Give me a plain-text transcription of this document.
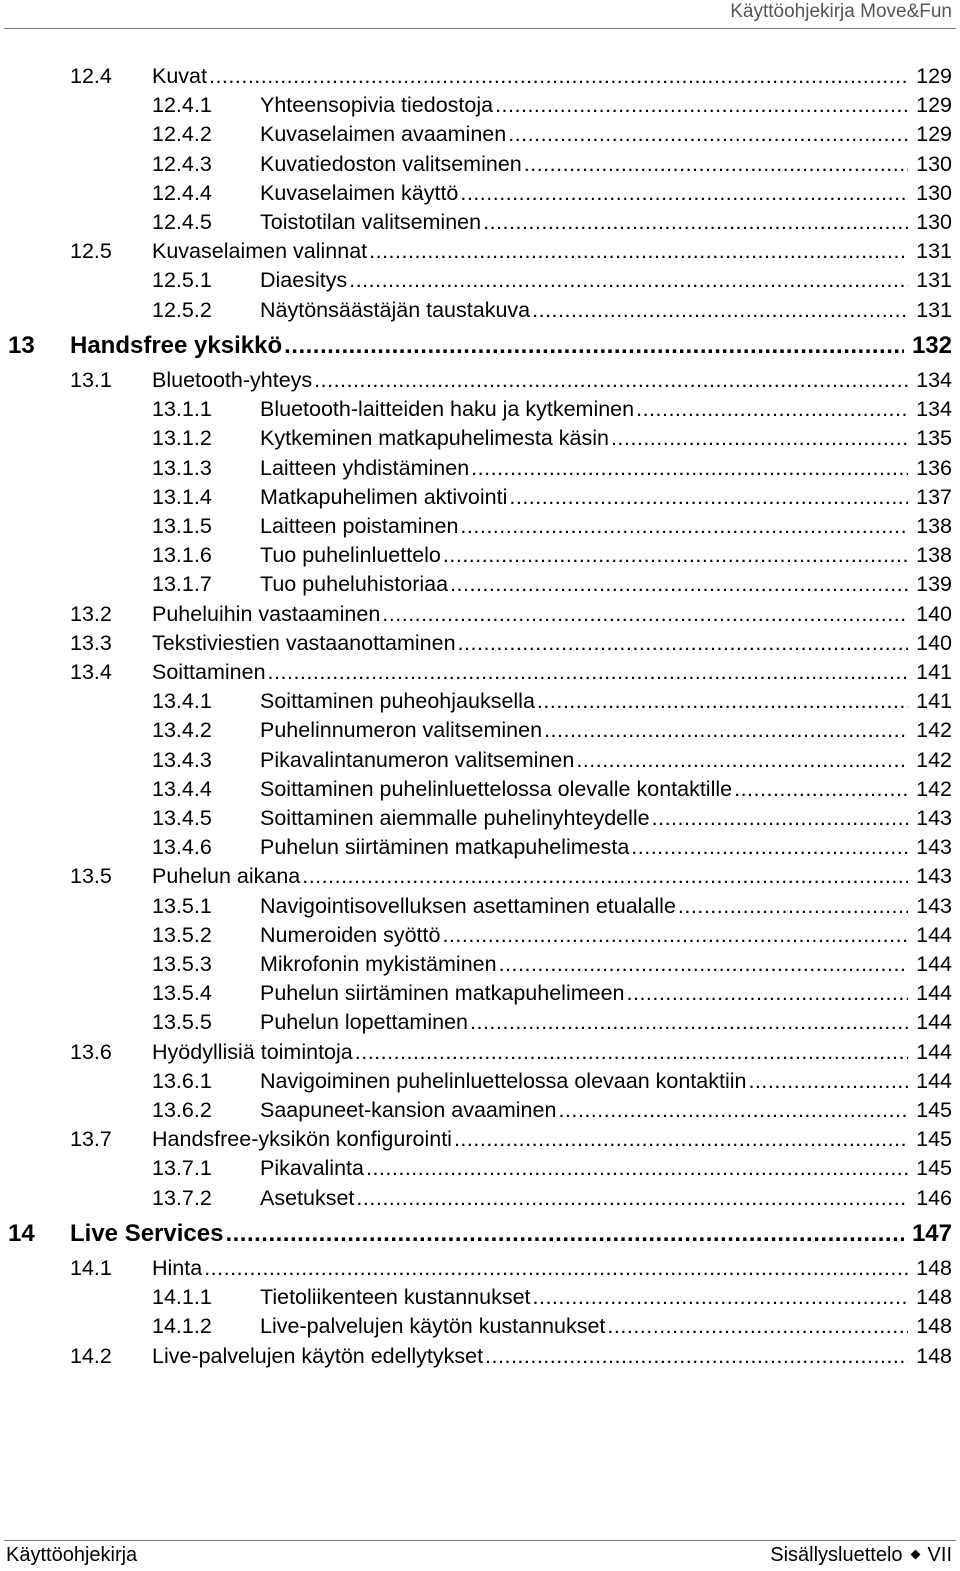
Käyttöohjekirja Move&Fun
12.4 Kuvat .....	129
12.4.1 Yhteensopivia tiedostoja .....	129
12.4.2 Kuvaselaimen avaaminen .....	129
12.4.3 Kuvatiedoston valitseminen .....	130
12.4.4 Kuvaselaimen käyttö .....	130
12.4.5 Toistotilan valitseminen .....	130
12.5 Kuvaselaimen valinnat .....	131
12.5.1 Diaesitys .....	131
12.5.2 Näytönsäästäjän taustakuva .....	131
13 Handsfree yksikkö .....	132
13.1 Bluetooth-yhteys .....	134
13.1.1 Bluetooth-laitteiden haku ja kytkeminen .....	134
13.1.2 Kytkeminen matkapuhelimesta käsin .....	135
13.1.3 Laitteen yhdistäminen .....	136
13.1.4 Matkapuhelimen aktivointi .....	137
13.1.5 Laitteen poistaminen .....	138
13.1.6 Tuo puhelinluettelo .....	138
13.1.7 Tuo puheluhistoriaa .....	139
13.2 Puheluihin vastaaminen .....	140
13.3 Tekstiviestien vastaanottaminen .....	140
13.4 Soittaminen .....	141
13.4.1 Soittaminen puheohjauksella .....	141
13.4.2 Puhelinnumeron valitseminen .....	142
13.4.3 Pikavalintanumeron valitseminen .....	142
13.4.4 Soittaminen puhelinluettelossa olevalle kontaktille .....	142
13.4.5 Soittaminen aiemmalle puhelinyhteydelle .....	143
13.4.6 Puhelun siirtäminen matkapuhelimesta .....	143
13.5 Puhelun aikana .....	143
13.5.1 Navigointisovelluksen asettaminen etualalle .....	143
13.5.2 Numeroiden syöttö .....	144
13.5.3 Mikrofonin mykistäminen .....	144
13.5.4 Puhelun siirtäminen matkapuhelimeen .....	144
13.5.5 Puhelun lopettaminen .....	144
13.6 Hyödyllisiä toimintoja .....	144
13.6.1 Navigoiminen puhelinluettelossa olevaan kontaktiin .....	144
13.6.2 Saapuneet-kansion avaaminen .....	145
13.7 Handsfree-yksikön konfigurointi .....	145
13.7.1 Pikavalinta .....	145
13.7.2 Asetukset .....	146
14 Live Services .....	147
14.1 Hinta .....	148
14.1.1 Tietoliikenteen kustannukset .....	148
14.1.2 Live-palvelujen käytön kustannukset .....	148
14.2 Live-palvelujen käytön edellytykset .....	148
Käyttöohjekirja	Sisällysluettelo VII
